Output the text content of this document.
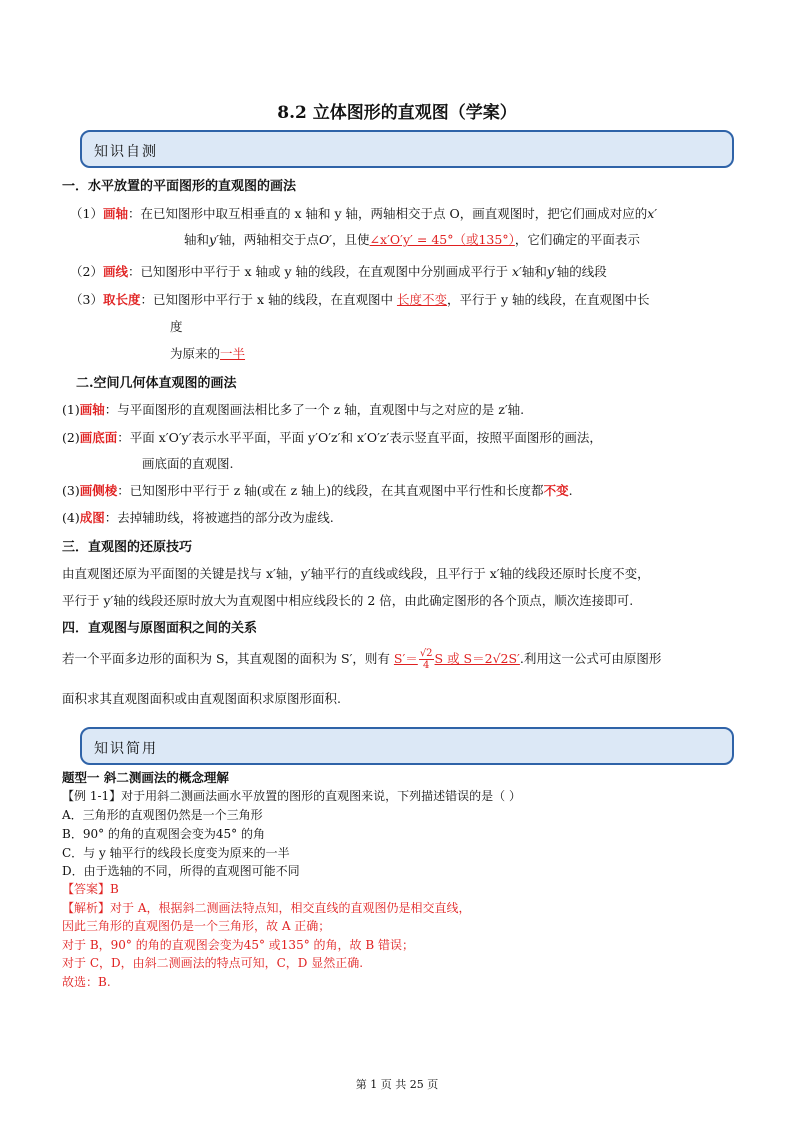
8.2 立体图形的直观图（学案）
知识自测
一．水平放置的平面图形的直观图的画法
（1）画轴：在已知图形中取互相垂直的 x 轴和 y 轴，两轴相交于点 O，画直观图时，把它们画成对应的x′
轴和y′轴，两轴相交于点O′，且使∠x′O′y′ = 45°（或135°），它们确定的平面表示
（2）画线：已知图形中平行于 x 轴或 y 轴的线段，在直观图中分别画成平行于 x′轴和y′轴的线段
（3）取长度：已知图形中平行于 x 轴的线段，在直观图中 长度不变，平行于 y 轴的线段，在直观图中长
度
为原来的一半
二.空间几何体直观图的画法
(1)画轴：与平面图形的直观图画法相比多了一个 z 轴，直观图中与之对应的是 z′轴.
(2)画底面：平面 x′O′y′表示水平平面，平面 y′O′z′和 x′O′z′表示竖直平面，按照平面图形的画法，
画底面的直观图.
(3)画侧棱：已知图形中平行于 z 轴(或在 z 轴上)的线段，在其直观图中平行性和长度都不变.
(4)成图：去掉辅助线，将被遮挡的部分改为虚线.
三．直观图的还原技巧
由直观图还原为平面图的关键是找与 x′轴，y′轴平行的直线或线段，且平行于 x′轴的线段还原时长度不变，
平行于 y′轴的线段还原时放大为直观图中相应线段长的 2 倍，由此确定图形的各个顶点，顺次连接即可.
四．直观图与原图面积之间的关系
若一个平面多边形的面积为 S，其直观图的面积为 S′，则有 $S'= \frac{√2}{4}$ S 或 S＝2√2S′.利用这一公式可由原图形
面积求其直观图面积或由直观图面积求原图形面积.
知识简用
题型一 斜二测画法的概念理解
【例 1-1】对于用斜二测画法画水平放置的图形的直观图来说，下列描述错误的是（ ）
A．三角形的直观图仍然是一个三角形
B．90° 的角的直观图会变为45° 的角
C．与 y 轴平行的线段长度变为原来的一半
D．由于选轴的不同，所得的直观图可能不同
【答案】B
【解析】对于 A，根据斜二测画法特点知，相交直线的直观图仍是相交直线，
因此三角形的直观图仍是一个三角形，故 A 正确；
对于 B，90° 的角的直观图会变为45° 或135° 的角，故 B 错误；
对于 C，D，由斜二测画法的特点可知，C，D 显然正确.
故选：B.
第 1 页 共 25 页
